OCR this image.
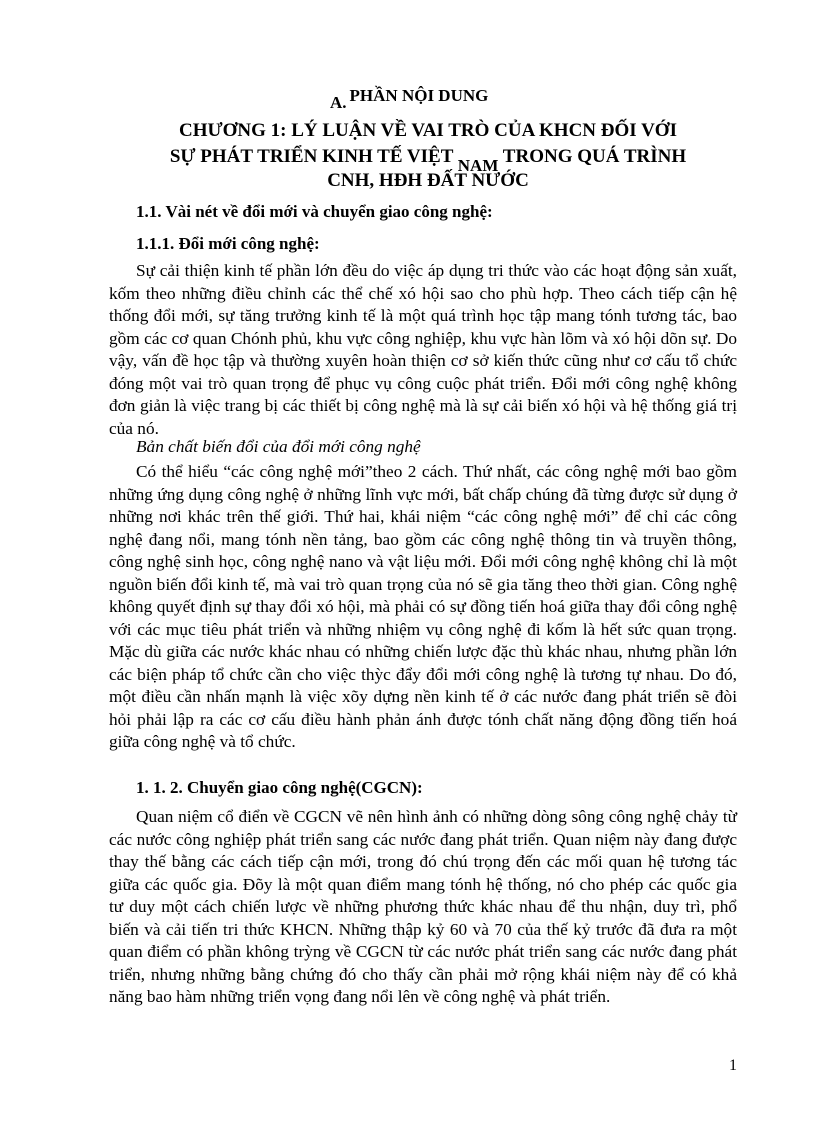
A. PHẦN NỘI DUNG
CHƯƠNG 1: LÝ LUẬN VỀ VAI TRÒ CỦA KHCN ĐỐI VỚI
SỰ PHÁT TRIỂN KINH TẾ VIỆT NAM TRONG QUÁ TRÌNH
CNH, HĐH ĐẤT NƯỚC
1.1. Vài nét về đổi mới và chuyển giao công nghệ:
1.1.1. Đổi mới công nghệ:

Sự cải thiện kinh tế phần lớn đều do việc áp dụng tri thức vào các hoạt động sản xuất, kốm theo những điều chỉnh các thể chế xó hội sao cho phù hợp. Theo cách tiếp cận hệ thống đổi mới, sự tăng trưởng kinh tế là một quá trình học tập mang tónh tương tác, bao gồm các cơ quan Chónh phủ, khu vực công nghiệp, khu vực hàn lõm và xó hội dõn sự. Do vậy, vấn đề học tập và thường xuyên hoàn thiện cơ sở kiến thức cũng như cơ cấu tổ chức đóng một vai trò quan trọng để phục vụ công cuộc phát triển. Đổi mới công nghệ không đơn giản là việc trang bị các thiết bị công nghệ mà là sự cải biến xó hội và hệ thống giá trị của nó.

Bản chất biến đổi của đổi mới công nghệ

Có thể hiểu “các công nghệ mới”theo 2 cách. Thứ nhất, các công nghệ mới bao gồm những ứng dụng công nghệ ở những lĩnh vực mới, bất chấp chúng đã từng được sử dụng ở những nơi khác trên thế giới. Thứ hai, khái niệm “các công nghệ mới” để chỉ các công nghệ đang nổi, mang tónh nền tảng, bao gồm các công nghệ thông tin và truyền thông, công nghệ sinh học, công nghệ nano và vật liệu mới. Đổi mới công nghệ không chỉ là một nguồn biến đổi kinh tế, mà vai trò quan trọng của nó sẽ gia tăng theo thời gian. Công nghệ không quyết định sự thay đổi xó hội, mà phải có sự đồng tiến hoá giữa thay đổi công nghệ với các mục tiêu phát triển và những nhiệm vụ công nghệ đi kốm là hết sức quan trọng. Mặc dù giữa các nước khác nhau có những chiến lược đặc thù khác nhau, nhưng phần lớn các biện pháp tổ chức cần cho việc thỳc đẩy đổi mới công nghệ là tương tự nhau. Do đó, một điều cần nhấn mạnh là việc xõy dựng nền kinh tế ở các nước đang phát triển sẽ đòi hỏi phải lập ra các cơ cấu điều hành phản ánh được tónh chất năng động đồng tiến hoá giữa công nghệ và tổ chức.

1. 1. 2. Chuyển giao công nghệ(CGCN):

Quan niệm cổ điển về CGCN vẽ nên hình ảnh có những dòng sông công nghệ chảy từ các nước công nghiệp phát triển sang các nước đang phát triển. Quan niệm này đang được thay thế bằng các cách tiếp cận mới, trong đó chú trọng đến các mối quan hệ tương tác giữa các quốc gia. Đõy là một quan điểm mang tónh hệ thống, nó cho phép các quốc gia tư duy một cách chiến lược về những phương thức khác nhau để thu nhận, duy trì, phổ biến và cải tiến tri thức KHCN. Những thập kỷ 60 và 70 của thế kỷ trước đã đưa ra một quan điểm có phần không trỳng về CGCN từ các nước phát triển sang các nước đang phát triển, nhưng những bằng chứng đó cho thấy cần phải mở rộng khái niệm này để có khả năng bao hàm những triển vọng đang nổi lên về công nghệ và phát triển.

1
